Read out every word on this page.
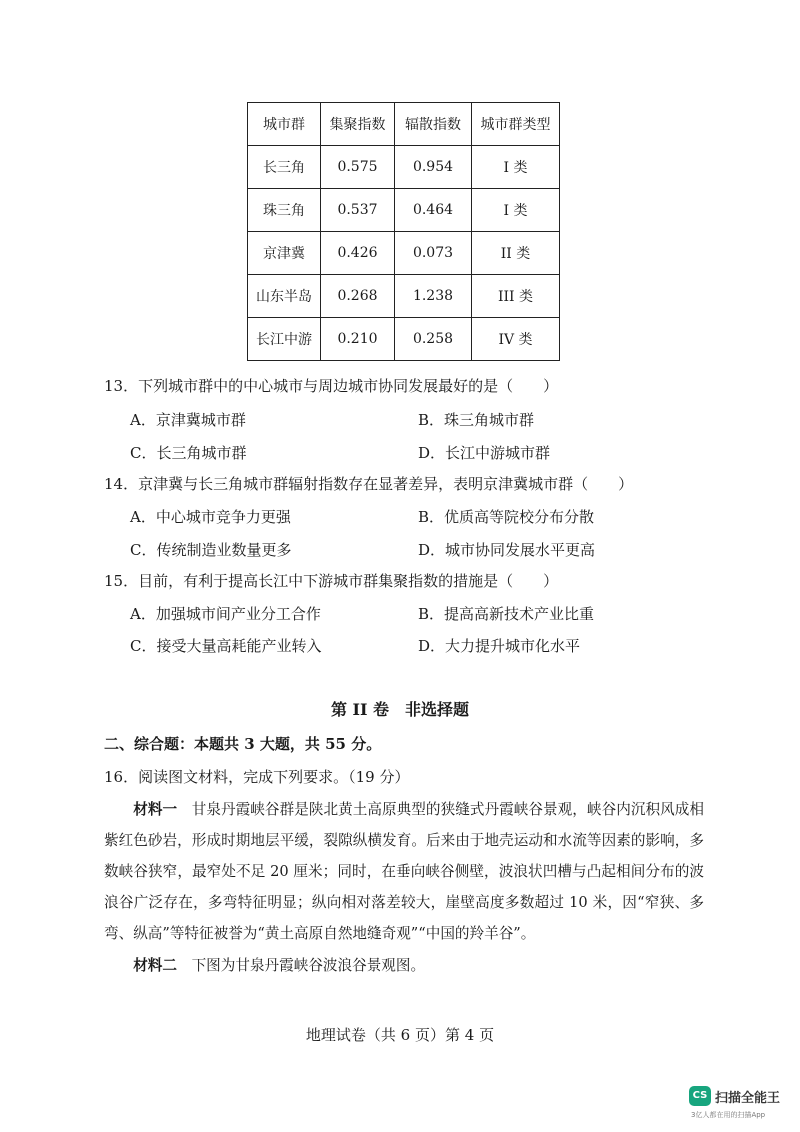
城市群	集聚指数	辐散指数	城市群类型
长三角	0.575	0.954	I 类
珠三角	0.537	0.464	I 类
京津冀	0.426	0.073	II 类
山东半岛	0.268	1.238	III 类
长江中游	0.210	0.258	IV 类
13．下列城市群中的中心城市与周边城市协同发展最好的是（　　）
A．京津冀城市群	B．珠三角城市群
C．长三角城市群	D．长江中游城市群
14．京津冀与长三角城市群辐射指数存在显著差异，表明京津冀城市群（　　）
A．中心城市竞争力更强	B．优质高等院校分布分散
C．传统制造业数量更多	D．城市协同发展水平更高
15．目前，有利于提高长江中下游城市群集聚指数的措施是（　　）
A．加强城市间产业分工合作	B．提高高新技术产业比重
C．接受大量高耗能产业转入	D．大力提升城市化水平
第 II 卷　非选择题
二、综合题：本题共 3 大题，共 55 分。
16．阅读图文材料，完成下列要求。（19 分）
材料一　甘泉丹霞峡谷群是陕北黄土高原典型的狭缝式丹霞峡谷景观，峡谷内沉积风成相紫红色砂岩，形成时期地层平缓，裂隙纵横发育。后来由于地壳运动和水流等因素的影响，多数峡谷狭窄，最窄处不足 20 厘米；同时，在垂向峡谷侧壁，波浪状凹槽与凸起相间分布的波浪谷广泛存在，多弯特征明显；纵向相对落差较大，崖壁高度多数超过 10 米，因“窄狭、多弯、纵高”等特征被誉为“黄土高原自然地缝奇观”“中国的羚羊谷”。
材料二　下图为甘泉丹霞峡谷波浪谷景观图。
地理试卷（共 6 页）第 4 页
CS 扫描全能王
3亿人都在用的扫描App
